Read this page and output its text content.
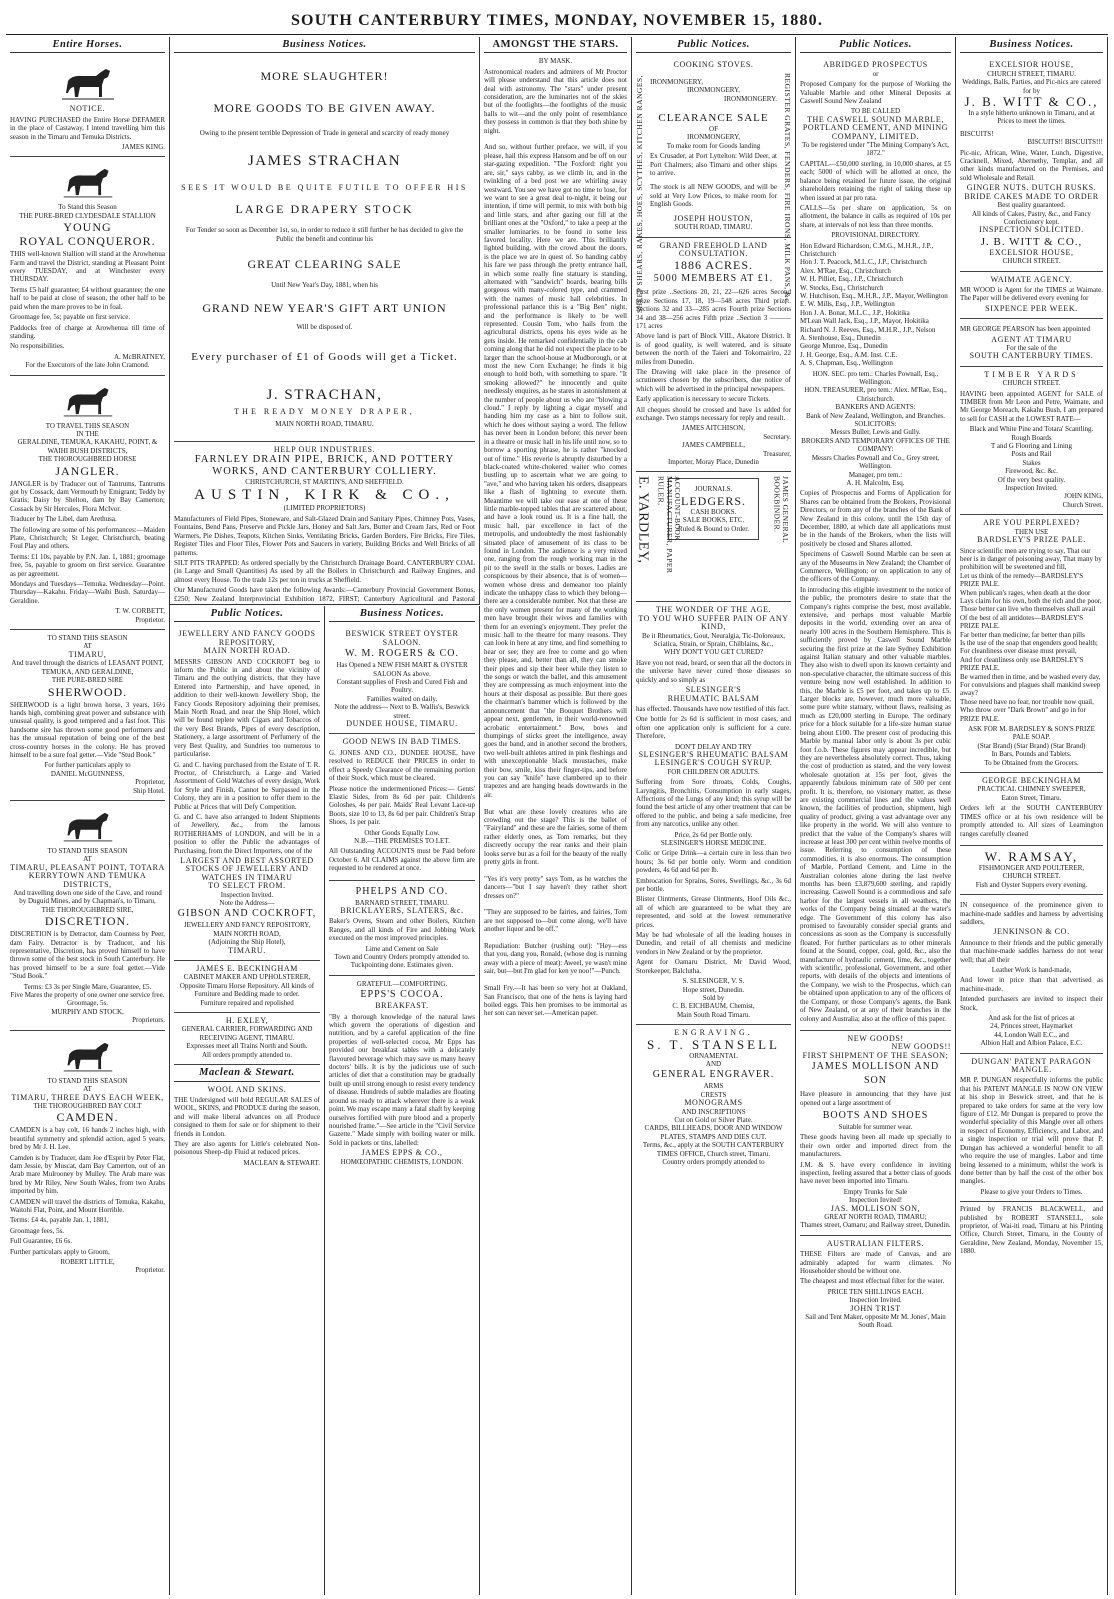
SOUTH CANTERBURY TIMES, MONDAY, NOVEMBER 15, 1880.
Entire Horses.
NOTICE.
HAVING PURCHASED the Entire Horse DEFAMER in the place of Castaway, I intend travelling him this season in the Timaru and Temuka Districts.
JAMES KING.
To Stand this Season
THE PURE-BRED CLYDESDALE STALLION
YOUNG
ROYAL CONQUEROR.
THIS well-known Stallion will stand at the Arowhenua Farm and travel the District, standing at Pleasant Point every TUESDAY, and at Winchester every THURSDAY.
Terms £5 half guarantee; £4 without guarantee; the one half to be paid at close of season, the other half to be paid when the mare proves to be in foal.
Groomage fee, 5s; payable on first service.
Paddocks free of charge at Arowhenua till time of standing.
No responsibilities.
A. McBRATNEY,
For the Executors of the late John Cramond.
TO TRAVEL THIS SEASON
IN THE
GERALDINE, TEMUKA, KAKAHU, POINT, & WAIHI BUSH DISTRICTS,
THE THOROUGHBRED HORSE
JANGLER.
JANGLER is by Traducer out of Tantrums, Tantrums got by Cossack, dam Vermouth by Emigrant; Teddy by Gratis; Daisy by Shelton, dam by Bay Camerton; Cossack by Sir Hercules, Flora McIvor.
Traducer by The Libel, dam Arethusa.
The following are some of his performances:—Maiden Plate, Christchurch; St Leger, Christchurch, beating Foul Play and others.
Terms: £1 10s, payable by P.N. Jan. 1, 1881; groomage free, 5s, payable to groom on first service. Guarantee as per agreement.
Mondays and Tuesdays—Temuka. Wednesday—Point. Thursday—Kakahu. Friday—Waihi Bush. Saturday—Geraldine.
T. W. CORBETT,
Proprietor.
TO STAND THIS SEASON
AT
TIMARU,
And travel through the districts of LEASANT POINT, TEMUKA, AND GERALDINE,
THE PURE-BRED SIRE
SHERWOOD.
SHERWOOD is a light brown horse, 3 years, 16½ hands high, combining great power and substance with unusual quality, is good tempered and a fast foot. This handsome sire has thrown some good performers and has the unusual reputation of being one of the best cross-country horses in the colony. He has proved himself to be a sure foal getter.—Vide "Stud Book."
For further particulars apply to
DANIEL McGUINNESS,
Proprietor,
Ship Hotel.
TO STAND THIS SEASON
AT
TIMARU, PLEASANT POINT, TOTARA KERRYTOWN AND TEMUKA DISTRICTS,
And travelling down one side of the Cave, and round by Duguid Mines, and by Chapman's, to Timaru,
THE THOROUGHBRED SIRE,
DISCRETION.
DISCRETION is by Detractor, dam Countess by Peer, dam Fairy. Detractor is by Traducer, and his representative, Discretion, has proved himself to have thrown some of the best stock in South Canterbury. He has proved himself to be a sure foal getter.—Vide "Stud Book."
Terms: £3 3s per Single Mare, Guarantee, £5.
Five Mares the property of one owner one service free.
Groomage, 5s.
MURPHY AND STOCK,
Proprietors.
TO STAND THIS SEASON
AT
TIMARU, THREE DAYS EACH WEEK,
THE THOROUGHBRED BAY COLT
CAMDEN.
CAMDEN is a bay colt, 16 hands 2 inches high, with beautiful symmetry and splendid action, aged 5 years, bred by Mr J. H. Lee.
Camden is by Traducer, dam Joe d'Esprit by Peter Flat, dam Jessie, by Muscat, dam Bay Camerton, out of an Arab mare Mulrooney by Mulley. The Arab mare was bred by Mr Riley, New South Wales, from two Arabs imported by him.
CAMDEN will travel the districts of Temuka, Kakahu, Waitohi Flat, Point, and Mount Horrible.
Terms: £4 4s, payable Jan. 1, 1881,
Groomage fees, 5s.
Full Guarantee, £6 6s.
Further particulars apply to Groom,
ROBERT LITTLE,
Proprietor.
Business Notices.
MORE SLAUGHTER!
MORE GOODS TO BE GIVEN AWAY.
Owing to the present terrible Depression of Trade in general and scarcity of ready money
JAMES STRACHAN
SEES IT WOULD BE QUITE FUTILE TO OFFER HIS
LARGE DRAPERY STOCK
For Tender so soon as December 1st, so, in order to reduce it still further he has decided to give the Public the benefit and continue his
GREAT CLEARING SALE
Until New Year's Day, 1881, when his
GRAND NEW YEAR'S GIFT ART UNION
Will be disposed of.
Every purchaser of £1 of Goods will get a Ticket.
J. STRACHAN,
THE READY MONEY DRAPER,
MAIN NORTH ROAD, TIMARU.
HELP OUR INDUSTRIES.
FARNLEY DRAIN PIPE, BRICK, AND POTTERY WORKS, AND CANTERBURY COLLIERY.
CHRISTCHURCH, ST MARTIN'S, AND SHEFFIELD.
AUSTIN, KIRK & CO.,
(LIMITED PROPRIETORS)
Manufacturers of Field Pipes, Stoneware, and Salt-Glazed Drain and Sanitary Pipes, Chimney Pots, Vases, Fountains, Bend Pans, Preserve and Pickle Jars, Honey and Salt Jars, Butter and Cream Jars, Red or Foot Warmers, Pie Dishes, Teapots, Kitchen Sinks, Ventilating Bricks, Garden Borders, Fire Bricks, Fire Tiles, Register Tiles and Floor Tiles, Flower Pots and Saucers in variety, Building Bricks and Well Bricks of all patterns.
SILT PITS TRAPPED: As ordered specially by the Christchurch Drainage Board. CANTERBURY COAL (in Large and Small Quantities) As used by all the Boilers in Christchurch and Railway Engines, and almost every House. To the trade 12s per ton in trucks at Sheffield.
Our Manufactured Goods have taken the following Awards:—Canterbury Provincial Government Bonus, £250; New Zealand Interprovincial Exhibition 1872, FIRST; Canterbury Agricultural and Pastoral
Public Notices.
JEWELLERY AND FANCY GOODS REPOSITORY,
MAIN NORTH ROAD.
MESSRS GIBSON AND COCKROFT beg to inform the Public in and about the vicinity of Timaru and the outlying districts, that they have Entered into Partnership, and have opened, in addition to their well-known Jewellery Shop, the Fancy Goods Repository adjoining their premises, Main North Road, and near the Ship Hotel, which will be found replete with Cigars and Tobaccos of the very Best Brands, Pipes of every description, Stationery, a large assortment of Perfumery of the very Best Quality, and Sundries too numerous to particularise.
G. and C. having purchased from the Estate of T. R. Proctor, of Christchurch, a Large and Varied Assortment of Gold Watches of every design, Work for Style and Finish, Cannot be Surpassed in the Colony, they are in a position to offer them to the Public at Prices that will Defy Competition.
G. and C. have also arranged to Indent Shipments of Jewellery, &c., from the famous ROTHERHAMS of LONDON, and will be in a position to offer the Public the advantages of Purchasing, from the Direct Importers, one of the
LARGEST AND BEST ASSORTED STOCKS OF JEWELLERY AND WATCHES IN TIMARU
TO SELECT FROM.
Inspection Invited.
Note the Address—
GIBSON AND COCKROFT,
JEWELLERY AND FANCY REPOSITORY,
MAIN NORTH ROAD,
(Adjoining the Ship Hotel),
TIMARU.
JAMES E. BECKINGHAM
CABINET MAKER AND UPHOLSTERER, Opposite Timaru Horse Repository. All kinds of Furniture and Bedding made to order.
Furniture repaired and repolished
H. EXLEY,
GENERAL CARRIER, FORWARDING AND RECEIVING AGENT, TIMARU.
Expresses meet all Trains North and South.
All orders promptly attended to.
Maclean & Stewart.
WOOL AND SKINS.
THE Undersigned will hold REGULAR SALES of WOOL, SKINS, and PRODUCE during the season, and will make liberal advances on all Produce consigned to them for sale or for shipment to their friends in London.
They are also agents for Little's celebrated Non-poisonous Sheep-dip Fluid at reduced prices.
MACLEAN & STEWART.
Business Notices.
BESWICK STREET OYSTER SALOON.
W. M. ROGERS & CO.
Has Opened a NEW FISH MART & OYSTER SALOON As above.
Constant supplies of Fresh and Cured Fish and Poultry.
Families waited on daily.
Note the address— Next to B. Wallis's, Beswick street.
DUNDEE HOUSE, TIMARU.
GOOD NEWS IN BAD TIMES.
G. JONES AND CO., DUNDEE HOUSE, have resolved to REDUCE their PRICES in order to effect a Speedy Clearance of the remaining portion of their Stock, which must be cleared.
Please notice the undermentioned Prices:— Gents' Elastic Sides, from 8s 6d per pair. Children's Goloshes, 4s per pair. Maids' Real Levant Lace-up Boots, size 10 to 13, 8s 6d per pair. Children's Strap Shoes, 1s per pair.
Other Goods Equally Low.
N.B.—THE PREMISES TO LET.
All Outstanding ACCOUNTS must be Paid before October 6. All CLAIMS against the above firm are requested to be rendered at once.
PHELPS AND CO.
BARNARD STREET, TIMARU.
BRICKLAYERS, SLATERS, &c.
Baker's Ovens, Steam and other Boilers, Kitchen Ranges, and all kinds of Fire and Jobbing Work executed on the most improved principles.
Lime and Cement on Sale
Town and Country Orders promptly attended to.
Tuckpointing done. Estimates given.
GRATEFUL—COMFORTING.
EPPS'S COCOA.
BREAKFAST.
"By a thorough knowledge of the natural laws which govern the operations of digestion and nutrition, and by a careful application of the fine properties of well-selected cocoa, Mr Epps has provided our breakfast tables with a delicately flavoured beverage which may save us many heavy doctors' bills. It is by the judicious use of such articles of diet that a constitution may be gradually built up until strong enough to resist every tendency of disease. Hundreds of subtle maladies are floating around us ready to attack wherever there is a weak point. We may escape many a fatal shaft by keeping ourselves fortified with pure blood and a properly nourished frame."—See article in the "Civil Service Gazette." Made simply with boiling water or milk. Sold in packets or tins, labelled:
JAMES EPPS & CO.,
HOMŒOPATHIC CHEMISTS, LONDON.
AMONGST THE STARS.
BY MASK.
Astronomical readers and admirers of Mr Proctor will please understand that this article does not deal with astronomy. The "stars" under present consideration, are the luminaries not of the skies but of the footlights—the footlights of the music halls to wit—and the only point of resemblance they possess in common is that they both shine by night.

And so, without further preface, we will, if you please, hail this express Hansom and be off on our star-gazing expedition. "The Foxford: right you are, sir," says cabby, as we climb in, and in the twinkling of a bed post we are whirling away westward. You see we have got no time to lose, for we want to see a great deal to-night, it being our intention, if time will permit, to mix with both big and little stars, and after gazing our fill at the brilliant ones at the "Oxford," to take a peep at the smaller luminaries to be found in some less favored locality. Here we are. This brilliantly lighted building, with the crowd about the doors, is the place we are in quest of. So handing cabby his fare we pass through the pretty entrance hall, in which some really fine statuary is standing, alternated with "sandwich" boards, bearing bills gorgeous with many-colored type, and crammed with the names of music hall celebrities. In professional parlance this is a "Big Ben" night, and the performance is likely to be well represented. Cousin Tom, who hails from the agricultural districts, opens his eyes wide as he gets inside. He remarked confidentially in the cab coming along that he did not expect the place to be larger than the school-house at Mudborough, or at most the new Corn Exchange; he finds it big enough to hold both, with something to spare. "It smoking allowed?" he innocently and quite needlessly enquires, as he stares in astonishment at the number of people about us who are "blowing a cloud." I reply by lighting a cigar myself and handing him my case as a hint to follow suit, which he does without saying a word. The fellow has never been in London before; this never been in a theatre or music hall in his life until now, so to borrow a sporting phrase, he is rather "knocked out of time." His reverie is abruptly disturbed by a black-coated white-chokered waiter who comes bustling up to ascertain what we are going to "ave," and who having taken his orders, disappears like a flash of lightning to execute them. Meantime we will take our ease at one of these little marble-topped tables that are scattered about, and have a look round us. It is a fine hall, the music hall, par excellence in fact of the metropolis, and undoubtedly the most fashionably situated place of amusement of its class to be found in London. The audience is a very mixed one, ranging from the rough working man in the pit to the swell in the stalls or boxes. Ladies are conspicuous by their absence, that is of women—women whose dress and demeanor too plainly indicate the unhappy class to which they belong—there are a considerable number. Not that these are the only women present for many of the working men have brought their wives and families with them for an evening's enjoyment. They prefer the music hall to the theatre for many reasons. They can look in here at any time, and find something to hear or see; they are free to come and go when they please, and, better than all, they can smoke their pipes and sip their beer while they listen to the songs or watch the ballet, and this amusement they are compressing as much enjoyment into the hours at their disposal as possible. But there goes the chairman's hammer which is followed by the announcement that "the Bouquet Brothers will appear next, gentlemen, in their world-renowned acrobatic entertainment." Bow, bows and thumpings of sticks greet the intelligence, away goes the band, and in another second the brothers, two well-built athletes attired in pink fleshings and with unexceptionable black moustaches, make their bow, smile, kiss their finger-tips, and before you can say "knife" have clambered up to their trapezes and are hanging heads downwards in the air.

But what are these lovely creatures who are crowding out the stage? This is the ballet of "Fairyland" and these are the fairies, some of them rather elderly ones, as Tom remarks, but they discreetly occupy the rear ranks and their plain looks serve but as a foil for the beauty of the really pretty girls in front.

"Yes it's very pretty" says Tom, as he watches the dancers—"but I say haven't they rather short dresses on?"

"They are supposed to be fairies, and fairies, Tom are not supposed to—but come along, we'll have another liquor and be off."

Repudiation: Butcher (rushing out): "Hey—ess that you, dang you, Ronald, (whose dog is running away with a piece of meat): Aweel, ye wasn't mine sair, but—but I'm glad for ken ye noo!"—Punch.

Small Fry.—It has been so very hot at Oakland, San Francisco, that one of the hens is laying hard boiled eggs. This hen promises to be immortal as her son can never set.—American paper.
Public Notices.
SHEEP SHEARS, RAKES, HOES, SCYTHES, KITCHEN RANGES,	REGISTER GRATES, FENDERS, FIRE IRONS, MILK PANS, &c.
COOKING STOVES.
IRONMONGERY,
IRONMONGERY,
IRONMONGERY.
CLEARANCE SALE
OF
IRONMONGERY,
To make room for Goods landing
Ex Crusader, at Port Lyttelton: Wild Deer, at Port Chalmers; also Timaru and other ships to arrive.
The stock is all NEW GOODS, and will be sold at Very Low Prices, to make room for English Goods.
JOSEPH HOUSTON,
SOUTH ROAD, TIMARU.
GRAND FREEHOLD LAND CONSULTATION.
1886 ACRES.
5000 MEMBERS AT £1.
First prize ..Sections 20, 21, 22—626 acres Second prize Sections 17, 18, 19—548 acres Third prize.. Sections 32 and 33—285 acres Fourth prize Sections 34 and 38—256 acres Fifth prize ..Section 3 ——— 171 acres
Above land is part of Block VIII., Akatore District. It is of good quality, is well watered, and is situate between the north of the Taieri and Tokomairiro, 22 miles from Dunedin.
The Drawing will take place in the presence of scrutineers chosen by the subscribers, due notice of which will be advertised in the principal newspapers.
Early application is necessary to secure Tickets.
All cheques should be crossed and have 1s added for exchange. Two stamps necessary for reply and result.
JAMES AITCHISON,
Secretary.
JAMES CAMPBELL,
Treasurer,
Importer, Moray Place, Dunedin
E. YARDLEY,	ACCOUNT-BOOK MANUFACTURER, PAPER RULER,	JAMES GENERAL BOOKBINDER.
JOURNALS.
LEDGERS.
CASH BOOKS.
SALE BOOKS, ETC.
Ruled & Bound to Order.
THE WONDER OF THE AGE.
TO YOU WHO SUFFER PAIN OF ANY KIND,
Be it Rheumatics, Gout, Neuralgia, Tic-Doloreaux, Sciatica, Strain, or Sprain, Chilblains, &c.,
WHY DON'T YOU GET CURED?
Have you not read, heard, or seen that all the doctors in the universe have never cured those diseases so quickly and so simply as
SLESINGER'S
RHEUMATIC BALSAM
has effected. Thousands have now testified of this fact.
One bottle for 2s 6d is sufficient in most cases, and often one application only is sufficient for a cure. Therefore,
DON'T DELAY AND TRY
SLESINGER'S RHEUMATIC BALSAM
LESINGER'S COUGH SYRUP.
FOR CHILDREN OR ADULTS.
Suffering from Sore throats, Colds, Coughs, Laryngitis, Bronchitis, Consumption in early stages, Affections of the Lungs of any kind; this syrup will be found the best article of any other treatment that can be offered to the public, and being a safe medicine, free from any narcotics, unlike any other.
Price, 2s 6d per Bottle only.
SLESINGER'S HORSE MEDICINE.
Colic or Gripe Drink—a certain cure in less than two hours; 3s 6d per bottle only. Worm and condition powders, 4s 6d and 6d per lb.
Embrocation for Sprains, Sores, Swellings, &c., 3s 6d per bottle.
Blister Ointments, Grease Ointments, Hoof Oils &c., all of which are guaranteed to be what they are represented, and sold at the lowest remunerative prices.
May be had wholesale of all the leading houses in Dunedin, and retail of all chemists and medicine vendors in New Zealand or by the proprietor.
Agent for Oamaru District, Mr David Wood, Storekeeper, Balclutha.
S. SLESINGER, V. S.
Hope street, Dunedin.
Sold by
C. B. EICHBAUM, Chemist,
Main South Road Timaru.
ENGRAVING.
S. T. STANSELL
ORNAMENTAL
AND
GENERAL ENGRAVER.
ARMS
CRESTS
MONOGRAMS
AND INSCRIPTIONS
Cut on Gold or Silver Plate.
CARDS, BILLHEADS, DOOR AND WINDOW PLATES, STAMPS AND DIES CUT.
Terms, &c., apply at the SOUTH CANTERBURY TIMES OFFICE, Church street, Timaru.
Country orders promptly attended to
Public Notices.
ABRIDGED PROSPECTUS
or
Proposed Company for the purpose of Working the Valuable Marble and other Mineral Deposits at Caswell Sound New Zealand
TO BE CALLED
THE CASWELL SOUND MARBLE, PORTLAND CEMENT, AND MINING COMPANY, LIMITED.
To be registered under "The Mining Company's Act, 1872."
CAPITAL—£50,000 sterling, in 10,000 shares, at £5 each; 5000 of which will be allotted at once, the balance being retained for future issue, the original shareholders retaining the right of taking these up when issued at par pro rata.
CALLS—5s per share on application, 5s on allotment, the balance in calls as required of 10s per share, at intervals of not less than three months.
PROVISIONAL DIRECTORY.
Hon Edward Richardson, C.M.G., M.H.R., J.P., Christchurch
Hon J. T. Peacock, M.L.C., J.P., Christchurch
Alex. M'Rae, Esq., Christchurch
W. H. Pilliet, Esq., J.P., Christchurch
W. Stocks, Esq., Christchurch
W. Hutchison, Esq., M.H.R., J.P., Mayor, Wellington
E. W. Mills, Esq., J.P., Wellington
Hon J. A. Bonar, M.L.C., J.P., Hokitika
M'Lean Wall Jack, Esq., J.P., Mayor, Hokitika
Richard N. J. Reeves, Esq., M.H.R., J.P., Nelson
A. Stenhouse, Esq., Dunedin
George Munroe, Esq., Dunedin
J. H. George, Esq., A.M. Inst. C.E.
A. S. Chapman, Esq., Wellington
HON. SEC. pro tem.: Charles Pownall, Esq., Wellington.
HON. TREASURER, pro tem.: Alex. M'Rae, Esq., Christchurch.
BANKERS AND AGENTS:
Bank of New Zealand, Wellington, and Branches.
SOLICITORS:
Messrs Buller, Lewis and Gully.
BROKERS AND TEMPORARY OFFICES OF THE COMPANY:
Messrs Charles Pownall and Co., Grey street, Wellington.
Manager, pro tem.:
A. H. Malcolm, Esq.
Copies of Prospectus and Forms of Application for Shares can be obtained from the Brokers, Provisional Directors, or from any of the branches of the Bank of New Zealand in this colony, until the 15th day of December, 1880, at which date all applications must be in the hands of the Brokers, when the lists will positively be closed and Shares allotted.
Specimens of Caswell Sound Marble can be seen at any of the Museums in New Zealand; the Chamber of Commerce, Wellington; or on application to any of the officers of the Company.
In introducing this eligible investment to the notice of the public, the promoters desire to state that the Company's rights comprise the best, most available, extensive, and perhaps most valuable Marble deposits in the world, extending over an area of nearly 100 acres in the Southern Hemisphere. This is sufficiently proved by Caswell Sound Marble securing the first prize at the late Sydney Exhibition against Italian statuary and other valuable marbles. They also wish to dwell upon its known certainty and non-speculative character, the ultimate success of this venture being now well established. In addition to this, the Marble is £5 per foot, and takes up to £5. Larger blocks are, however, much more valuable, some pure white statuary, without flaws, realising as much as £20,000 sterling in Europe. The ordinary price for a block suitable for a life-size human statue being about £100. The present cost of producing this Marble by manual labor only is about 3s per cubic foot f.o.b. These figures may appear incredible, but they are nevertheless absolutely correct. Thus, taking the cost of production as stated, and the very lowest wholesale quotation at 15s per foot, gives the apparently fabulous minimum rate of 500 per cent profit. It is, therefore, no visionary matter, as these are existing commercial lines and the values well known, the facilities of production, shipment, high quality of product, giving a vast advantage over any like property in the world. We will also venture to predict that the value of the Company's shares will increase at least 300 per cent within twelve months of issue. Referring to consumption of these commodities, it is also enormous. The consumption of Marble, Portland Cement, and Lime in the Australian colonies alone during the last twelve months has been £3,879,600 sterling, and rapidly increasing. Caswell Sound is a commodious and safe harbor for the largest vessels in all weathers, the works of the Company being situated at the water's edge. The Government of this colony has also promised to favourably consider special grants and concessions as soon as the Company is successfully floated. For further particulars as to other minerals found at the Sound, copper, coal, gold, &c., also the manufacture of hydraulic cement, lime, &c., together with scientific, professional, Government, and other reports, with details of the objects and intentions of the Company, we wish to the Prospectus, which can be obtained upon application to any of the officers of the Company, or those Company's agents, the Bank of New Zealand, or at any of their branches in the colony and Australia; also at the office of this paper.
NEW GOODS!
NEW GOODS!!
FIRST SHIPMENT OF THE SEASON;
JAMES MOLLISON AND SON
Have pleasure in announcing that they have just opened out a large assortment of
BOOTS AND SHOES
Suitable for summer wear.
These goods having been all made up specially to their own order and imported direct from the manufacturers.
J.M. & S. have every confidence in inviting inspection, feeling assured that a better class of goods have never been imported into Timaru.
Empty Trunks for Sale
Inspection Invited!
JAS. MOLLISON SON,
GREAT NORTH ROAD, TIMARU;
Thames street, Oamaru; and Railway street, Dunedin.
AUSTRALIAN FILTERS.
THESE Filters are made of Canvas, and are admirably adapted for warm climates. No Householder should be without one.
The cheapest and most effectual filter for the water.
PRICE TEN SHILLINGS EACH.
Inspection Invited.
JOHN TRIST
Sail and Tent Maker, opposite Mr M. Jones', Main South Road.
Business Notices.
EXCELSIOR HOUSE,
CHURCH STREET, TIMARU.
Weddings, Balls, Parties, and Pic-nics are catered for by
J. B. WITT & CO.,
In a style hitherto unknown in Timaru, and at Prices to meet the times.
BISCUITS!
BISCUITS!! BISCUITS!!!
Pic-nic, African, Wine, Water, Lunch, Digestive, Cracknell, Mixed, Abernethy, Templar, and all other kinds manufactured on the Premises, and sold Wholesale and Retail.
GINGER NUTS. DUTCH RUSKS.
BRIDE CAKES MADE TO ORDER
Best quality guaranteed.
All kinds of Cakes, Pastry, &c., and Fancy Confectionery kept.
INSPECTION SOLICITED.
J. B. WITT & CO.,
EXCELSIOR HOUSE,
CHURCH STREET.
WAIMATE AGENCY.
MR WOOD is Agent for the TIMES at Waimate. The Paper will be delivered every evening for
SIXPENCE PER WEEK.
MR GEORGE PEARSON has been appointed
AGENT AT TIMARU
For the sale of the
SOUTH CANTERBURY TIMES.
TIMBER YARDS
CHURCH STREET.
HAVING been appointed AGENT for SALE of TIMBER from Mr Leon and Petre, Waimate, and Mr George Moreach, Kakahu Bush, I am prepared to sell for CASH at the LOWEST RATE—
Black and White Pine and Totara' Scantling.
Rough Boards
T and G Flooring and Lining
Posts and Rail
Stakes
Firewood, &c. &c.
Of the very best quality.
Inspection Invited.
JOHN KING,
Church Street.
ARE YOU PERPLEXED?
THEN USE
BARDSLEY'S PRIZE PALE.
Since scientific men are trying to say, That our beer is in danger of poisoning away, That many by prohibition will be sweetened and fill,
Let us think of the remedy—BARDSLEY'S PRIZE PALE.
When publican's rages, when death at the door
Lays claim for his own, both the rich and the poor,
Those better can live who themselves shall avail
Of the best of all antidotes—BARDSLEY'S PRIZE PALE.
Far better than medicine, far better than pills
Is the use of the soap that engenders good health;
For cleanliness over disease must prevail,
And for cleanliness only use BARDSLEY'S PRIZE PALE.
Be warned then in time, and be washed every day,
For convulsions and plagues shall mankind sweep away?
Those need have no fear, nor trouble now quail,
Who throw over "Dark Brown" and go in for PRIZE PALE.
ASK FOR M. BARDSLEY & SON'S PRIZE PALE SOAP.
(Star Brand) (Star Brand) (Star Brand)
In Bars, Pounds and Tablets.
To be Obtained from the Grocers.
GEORGE BECKINGHAM
PRACTICAL CHIMNEY SWEEPER,
Eaton Street, Timaru.
Orders left at the SOUTH CANTERBURY TIMES office or at his own residence will be promptly attended to. All sizes of Leamington ranges carefully cleaned
W. RAMSAY,
FISHMONGER AND POULTERER,
CHURCH STREET.
Fish and Oyster Suppers every evening.
IN consequence of the prominence given to machine-made saddles and harness by advertising saddlers,
JENKINSON & CO.
Announce to their friends and the public generally that machine-made saddles harness do not wear well; that all their
Leather Work is hand-made,
And lower in price than that advertised as machine-made.
Intended purchasers are invited to inspect their Stock,
And ask for the list of prices at
24, Princes street, Haymarket
44, London Wall E.C., and
Albion Hall and Albion Palace, E.C.
DUNGAN' PATENT PARAGON MANGLE.
MR P. DUNGAN respectfully informs the public that his PATENT MANGLE IS NOW ON VIEW at his shop in Beswick street, and that he is prepared to take orders for same at the very low figure of £12. Mr Dungan is prepared to prove the wonderful speciality of this Mangle over all others in respect of Economy, Efficiency, and Labor, and a single inspection or trial will prove that P. Dungan has achieved a wonderful benefit to all who require the use of mangles. Labor and time being lessened to a minimum, whilst the work is done better than by half the cost of the other box mangles.
Please to give your Orders to Times.
Printed by FRANCIS BLACKWELL, and published by ROBERT STANSELL, sole proprietor, of Wai-iti road, Timaru at his Printing Office, Church Street, Timaru, in the County of Geraldine, New Zealand, Monday, November 15, 1880.
